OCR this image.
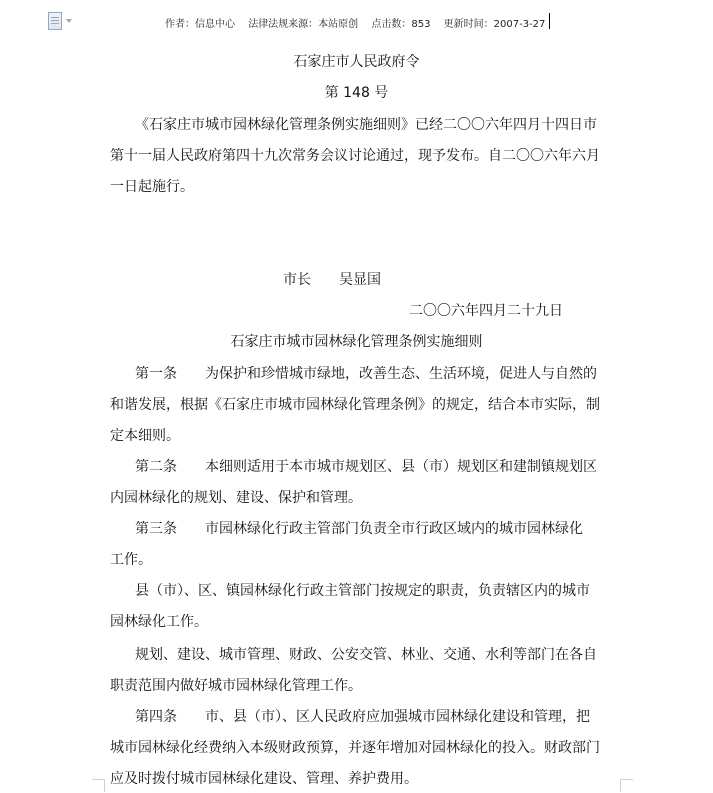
作者：信息中心 法律法规来源：本站原创 点击数：853 更新时间：2007-3-27
石家庄市人民政府令
第 148 号
《石家庄市城市园林绿化管理条例实施细则》已经二〇〇六年四月十四日市
第十一届人民政府第四十九次常务会议讨论通过，现予发布。自二〇〇六年六月
一日起施行。
市长　　吴显国
二〇〇六年四月二十九日
石家庄市城市园林绿化管理条例实施细则
第一条　　为保护和珍惜城市绿地，改善生态、生活环境，促进人与自然的
和谐发展，根据《石家庄市城市园林绿化管理条例》的规定，结合本市实际，制
定本细则。
第二条　　本细则适用于本市城市规划区、县（市）规划区和建制镇规划区
内园林绿化的规划、建设、保护和管理。
第三条　　市园林绿化行政主管部门负责全市行政区域内的城市园林绿化
工作。
县（市）、区、镇园林绿化行政主管部门按规定的职责，负责辖区内的城市
园林绿化工作。
规划、建设、城市管理、财政、公安交管、林业、交通、水利等部门在各自
职责范围内做好城市园林绿化管理工作。
第四条　　市、县（市）、区人民政府应加强城市园林绿化建设和管理，把
城市园林绿化经费纳入本级财政预算，并逐年增加对园林绿化的投入。财政部门
应及时拨付城市园林绿化建设、管理、养护费用。
